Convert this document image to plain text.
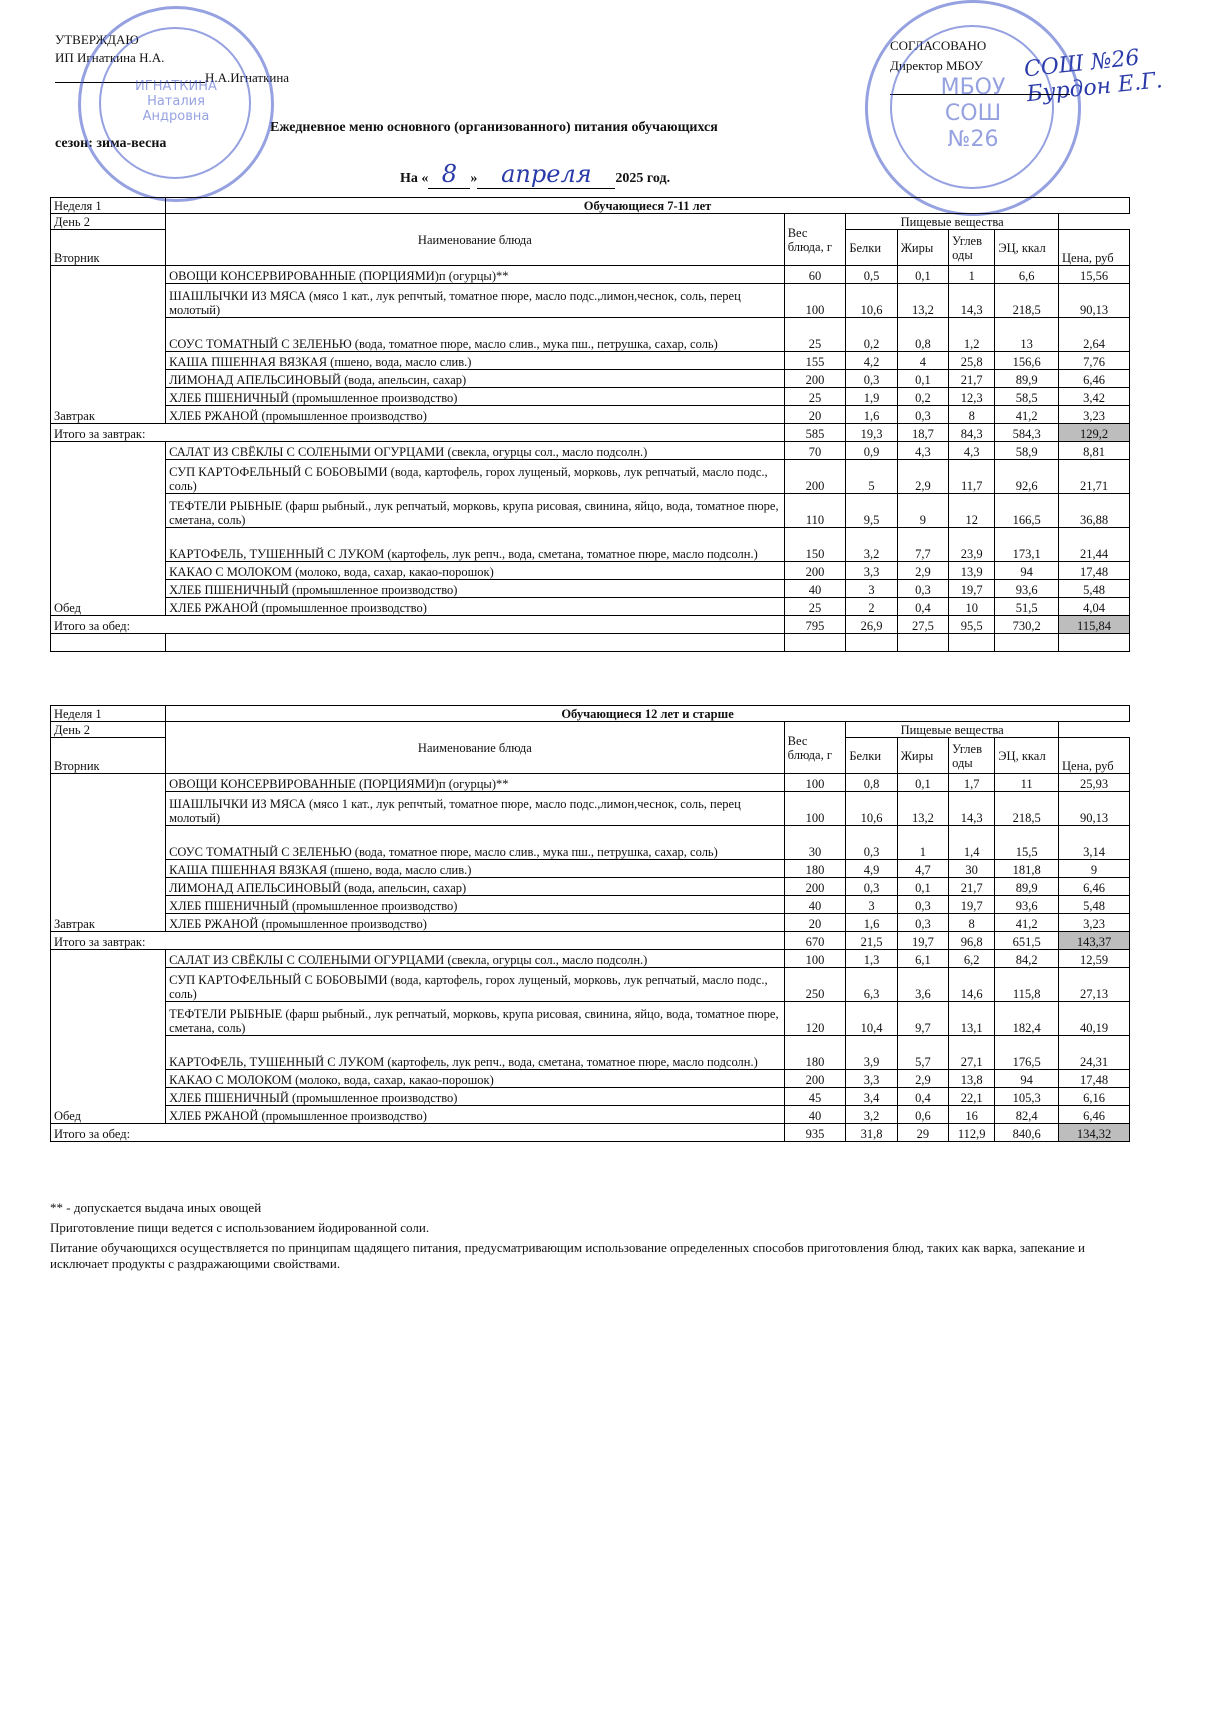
УТВЕРЖДАЮ
ИП Игнаткина Н.А.
Н.А.Игнаткина
СОГЛАСОВАНО
Директор МБОУ СОШ №26 Бурдон Е.Г.
Ежедневное меню основного (организованного) питания обучающихся
сезон: зима-весна
На « 8 » апреля 2025 год.
ИГНАТКИНА
Наталия
Андровна
МБОУ
СОШ №26
Неделя 1	Обучающиеся 7-11 лет						
День 2	Наименование блюда	Вес блюда, г	Пищевые вещества				
Вторник			Белки	Жиры	Углев оды	ЭЦ, ккал	Цена, руб

Завтрак	ОВОЩИ КОНСЕРВИРОВАННЫЕ (ПОРЦИЯМИ)п (огурцы)**	60	0,5	0,1	1	6,6	15,56
	ШАШЛЫЧКИ ИЗ МЯСА (мясо 1 кат., лук репчтый, томатное пюре, масло подс.,лимон,чеснок, соль, перец молотый)	100	10,6	13,2	14,3	218,5	90,13
	СОУС ТОМАТНЫЙ С ЗЕЛЕНЬЮ (вода, томатное пюре, масло слив., мука пш., петрушка, сахар, соль)	25	0,2	0,8	1,2	13	2,64
	КАША ПШЕННАЯ ВЯЗКАЯ (пшено, вода, масло слив.)	155	4,2	4	25,8	156,6	7,76
	ЛИМОНАД АПЕЛЬСИНОВЫЙ (вода, апельсин, сахар)	200	0,3	0,1	21,7	89,9	6,46
	ХЛЕБ ПШЕНИЧНЫЙ (промышленное производство)	25	1,9	0,2	12,3	58,5	3,42
	ХЛЕБ РЖАНОЙ (промышленное производство)	20	1,6	0,3	8	41,2	3,23
Итого за завтрак:		585	19,3	18,7	84,3	584,3	129,2
Обед	САЛАТ ИЗ СВЁКЛЫ С СОЛЕНЫМИ ОГУРЦАМИ (свекла, огурцы сол., масло подсолн.)	70	0,9	4,3	4,3	58,9	8,81
	СУП КАРТОФЕЛЬНЫЙ С БОБОВЫМИ (вода, картофель, горох лущеный, морковь, лук репчатый, масло подс., соль)	200	5	2,9	11,7	92,6	21,71
	ТЕФТЕЛИ РЫБНЫЕ (фарш рыбный., лук репчатый, морковь, крупа рисовая, свинина, яйцо, вода, томатное пюре, сметана, соль)	110	9,5	9	12	166,5	36,88
	КАРТОФЕЛЬ, ТУШЕННЫЙ С ЛУКОМ (картофель, лук репч., вода, сметана, томатное пюре, масло подсолн.)	150	3,2	7,7	23,9	173,1	21,44
	КАКАО С МОЛОКОМ (молоко, вода, сахар, какао-порошок)	200	3,3	2,9	13,9	94	17,48
	ХЛЕБ ПШЕНИЧНЫЙ (промышленное производство)	40	3	0,3	19,7	93,6	5,48
	ХЛЕБ РЖАНОЙ (промышленное производство)	25	2	0,4	10	51,5	4,04
Итого за обед:		795	26,9	27,5	95,5	730,2	115,84

Неделя 1	Обучающиеся 12 лет и старше						
День 2	Наименование блюда	Вес блюда, г	Пищевые вещества				
Вторник			Белки	Жиры	Углев оды	ЭЦ, ккал	Цена, руб

Завтрак	ОВОЩИ КОНСЕРВИРОВАННЫЕ (ПОРЦИЯМИ)п (огурцы)**	100	0,8	0,1	1,7	11	25,93
	ШАШЛЫЧКИ ИЗ МЯСА (мясо 1 кат., лук репчтый, томатное пюре, масло подс.,лимон,чеснок, соль, перец молотый)	100	10,6	13,2	14,3	218,5	90,13
	СОУС ТОМАТНЫЙ С ЗЕЛЕНЬЮ (вода, томатное пюре, масло слив., мука пш., петрушка, сахар, соль)	30	0,3	1	1,4	15,5	3,14
	КАША ПШЕННАЯ ВЯЗКАЯ (пшено, вода, масло слив.)	180	4,9	4,7	30	181,8	9
	ЛИМОНАД АПЕЛЬСИНОВЫЙ (вода, апельсин, сахар)	200	0,3	0,1	21,7	89,9	6,46
	ХЛЕБ ПШЕНИЧНЫЙ (промышленное производство)	40	3	0,3	19,7	93,6	5,48
	ХЛЕБ РЖАНОЙ (промышленное производство)	20	1,6	0,3	8	41,2	3,23
Итого за завтрак:		670	21,5	19,7	96,8	651,5	143,37
Обед	САЛАТ ИЗ СВЁКЛЫ С СОЛЕНЫМИ ОГУРЦАМИ (свекла, огурцы сол., масло подсолн.)	100	1,3	6,1	6,2	84,2	12,59
	СУП КАРТОФЕЛЬНЫЙ С БОБОВЫМИ (вода, картофель, горох лущеный, морковь, лук репчатый, масло подс., соль)	250	6,3	3,6	14,6	115,8	27,13
	ТЕФТЕЛИ РЫБНЫЕ (фарш рыбный., лук репчатый, морковь, крупа рисовая, свинина, яйцо, вода, томатное пюре, сметана, соль)	120	10,4	9,7	13,1	182,4	40,19
	КАРТОФЕЛЬ, ТУШЕННЫЙ С ЛУКОМ (картофель, лук репч., вода, сметана, томатное пюре, масло подсолн.)	180	3,9	5,7	27,1	176,5	24,31
	КАКАО С МОЛОКОМ (молоко, вода, сахар, какао-порошок)	200	3,3	2,9	13,8	94	17,48
	ХЛЕБ ПШЕНИЧНЫЙ (промышленное производство)	45	3,4	0,4	22,1	105,3	6,16
	ХЛЕБ РЖАНОЙ (промышленное производство)	40	3,2	0,6	16	82,4	6,46
Итого за обед:		935	31,8	29	112,9	840,6	134,32
** - допускается выдача иных овощей
Приготовление пищи ведется с использованием йодированной соли.
Питание обучающихся осуществляется по принципам щадящего питания, предусматривающим использование определенных способов приготовления блюд, таких как варка, запекание и исключает продукты с раздражающими свойствами.
